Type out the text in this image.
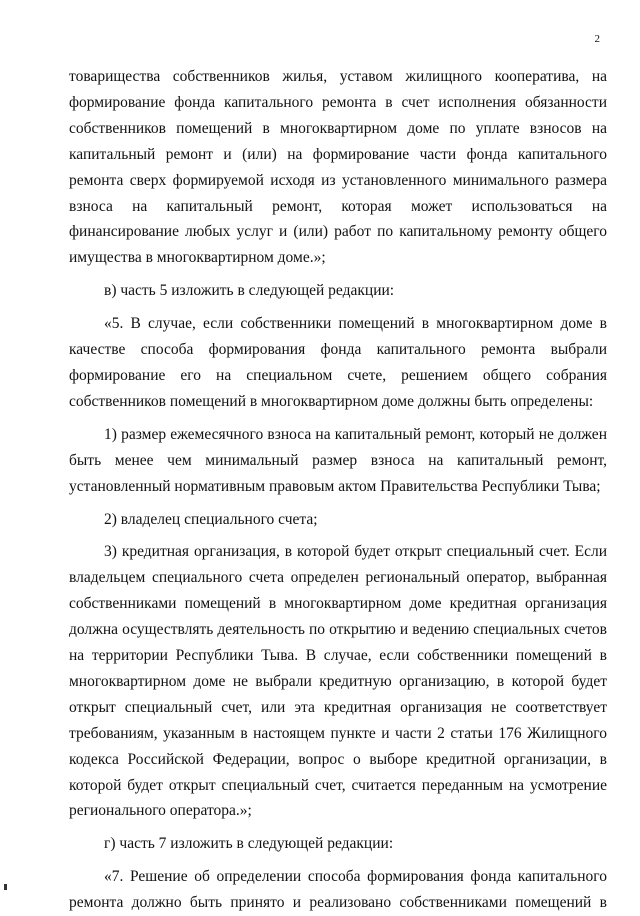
2

товарищества собственников жилья, уставом жилищного кооператива, на формирование фонда капитального ремонта в счет исполнения обязанности собственников помещений в многоквартирном доме по уплате взносов на капитальный ремонт и (или) на формирование части фонда капитального ремонта сверх формируемой исходя из установленного минимального размера взноса на капитальный ремонт, которая может использоваться на финансирование любых услуг и (или) работ по капитальному ремонту общего имущества в многоквартирном доме.»;

в) часть 5 изложить в следующей редакции:

«5. В случае, если собственники помещений в многоквартирном доме в качестве способа формирования фонда капитального ремонта выбрали формирование его на специальном счете, решением общего собрания собственников помещений в многоквартирном доме должны быть определены:

1) размер ежемесячного взноса на капитальный ремонт, который не должен быть менее чем минимальный размер взноса на капитальный ремонт, установленный нормативным правовым актом Правительства Республики Тыва;

2) владелец специального счета;

3) кредитная организация, в которой будет открыт специальный счет. Если владельцем специального счета определен региональный оператор, выбранная собственниками помещений в многоквартирном доме кредитная организация должна осуществлять деятельность по открытию и ведению специальных счетов на территории Республики Тыва. В случае, если собственники помещений в многоквартирном доме не выбрали кредитную организацию, в которой будет открыт специальный счет, или эта кредитная организация не соответствует требованиям, указанным в настоящем пункте и части 2 статьи 176 Жилищного кодекса Российской Федерации, вопрос о выборе кредитной организации, в которой будет открыт специальный счет, считается переданным на усмотрение регионального оператора.»;

г) часть 7 изложить в следующей редакции:

«7. Решение об определении способа формирования фонда капитального ремонта должно быть принято и реализовано собственниками помещений в
